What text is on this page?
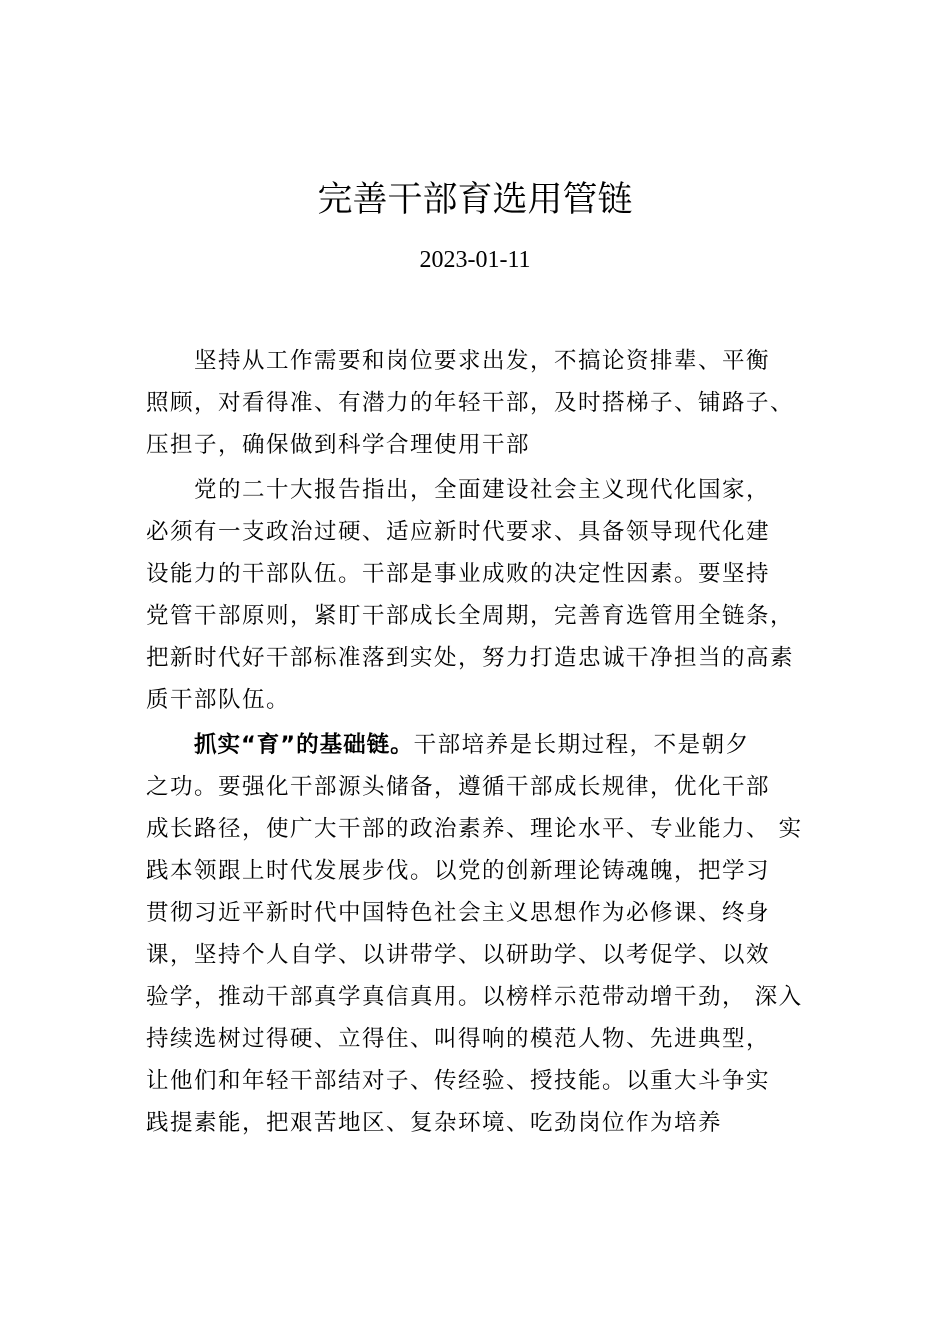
完善干部育选用管链
2023-01-11
　　坚持从工作需要和岗位要求出发，不搞论资排辈、平衡
照顾，对看得准、有潜力的年轻干部，及时搭梯子、铺路子、
压担子，确保做到科学合理使用干部
　　党的二十大报告指出，全面建设社会主义现代化国家，
必须有一支政治过硬、适应新时代要求、具备领导现代化建
设能力的干部队伍。干部是事业成败的决定性因素。要坚持
党管干部原则，紧盯干部成长全周期，完善育选管用全链条，
把新时代好干部标准落到实处，努力打造忠诚干净担当的高素
质干部队伍。
　　抓实“育”的基础链。干部培养是长期过程，不是朝夕
之功。要强化干部源头储备，遵循干部成长规律，优化干部
成长路径，使广大干部的政治素养、理论水平、专业能力、 实
践本领跟上时代发展步伐。以党的创新理论铸魂魄，把学习
贯彻习近平新时代中国特色社会主义思想作为必修课、终身
课，坚持个人自学、以讲带学、以研助学、以考促学、以效
验学，推动干部真学真信真用。以榜样示范带动增干劲， 深入
持续选树过得硬、立得住、叫得响的模范人物、先进典型，
让他们和年轻干部结对子、传经验、授技能。以重大斗争实
践提素能，把艰苦地区、复杂环境、吃劲岗位作为培养
